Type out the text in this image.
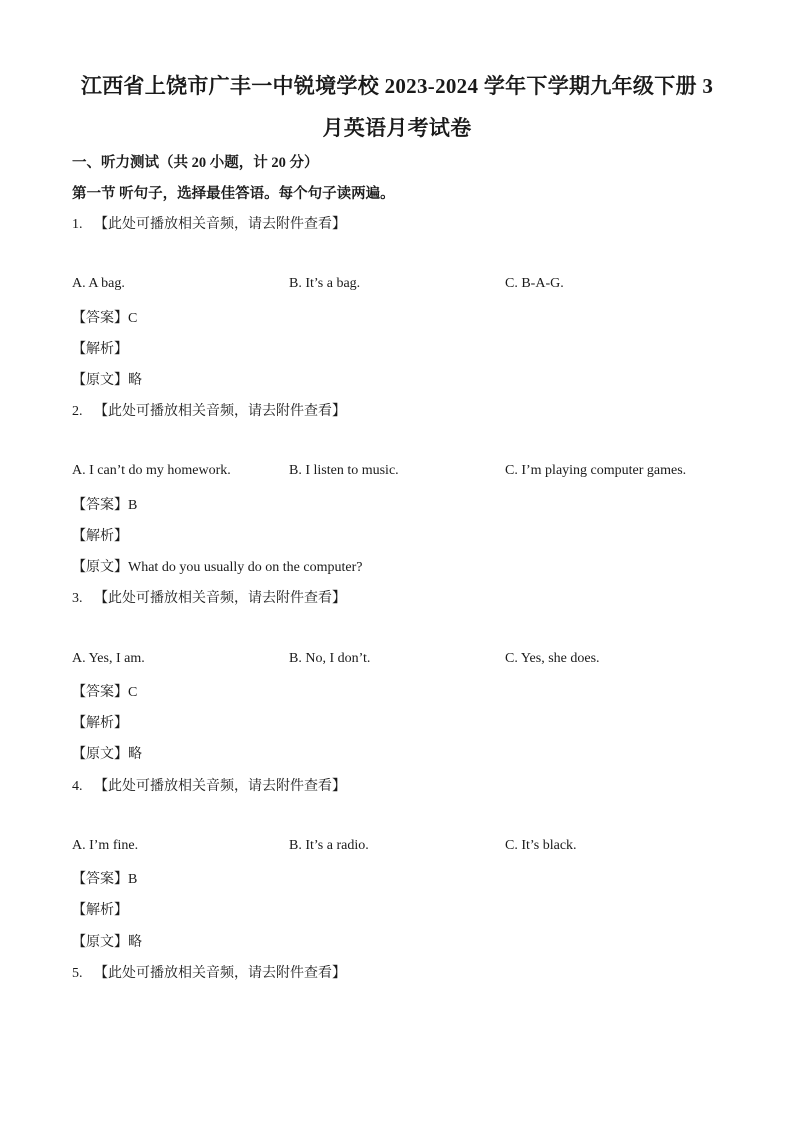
江西省上饶市广丰一中锐境学校 2023-2024 学年下学期九年级下册 3
月英语月考试卷
一、听力测试（共 20 小题，计 20 分）
第一节 听句子，选择最佳答语。每个句子读两遍。
1. 【此处可播放相关音频，请去附件查看】
A. A bag.	B. It’s a bag.	C. B-A-G.
【答案】C
【解析】
【原文】略
2. 【此处可播放相关音频，请去附件查看】
A. I can’t do my homework.	B. I listen to music.	C. I’m playing computer games.
【答案】B
【解析】
【原文】What do you usually do on the computer?
3. 【此处可播放相关音频，请去附件查看】
A. Yes, I am.	B. No, I don’t.	C. Yes, she does.
【答案】C
【解析】
【原文】略
4. 【此处可播放相关音频，请去附件查看】
A. I’m fine.	B. It’s a radio.	C. It’s black.
【答案】B
【解析】
【原文】略
5. 【此处可播放相关音频，请去附件查看】
